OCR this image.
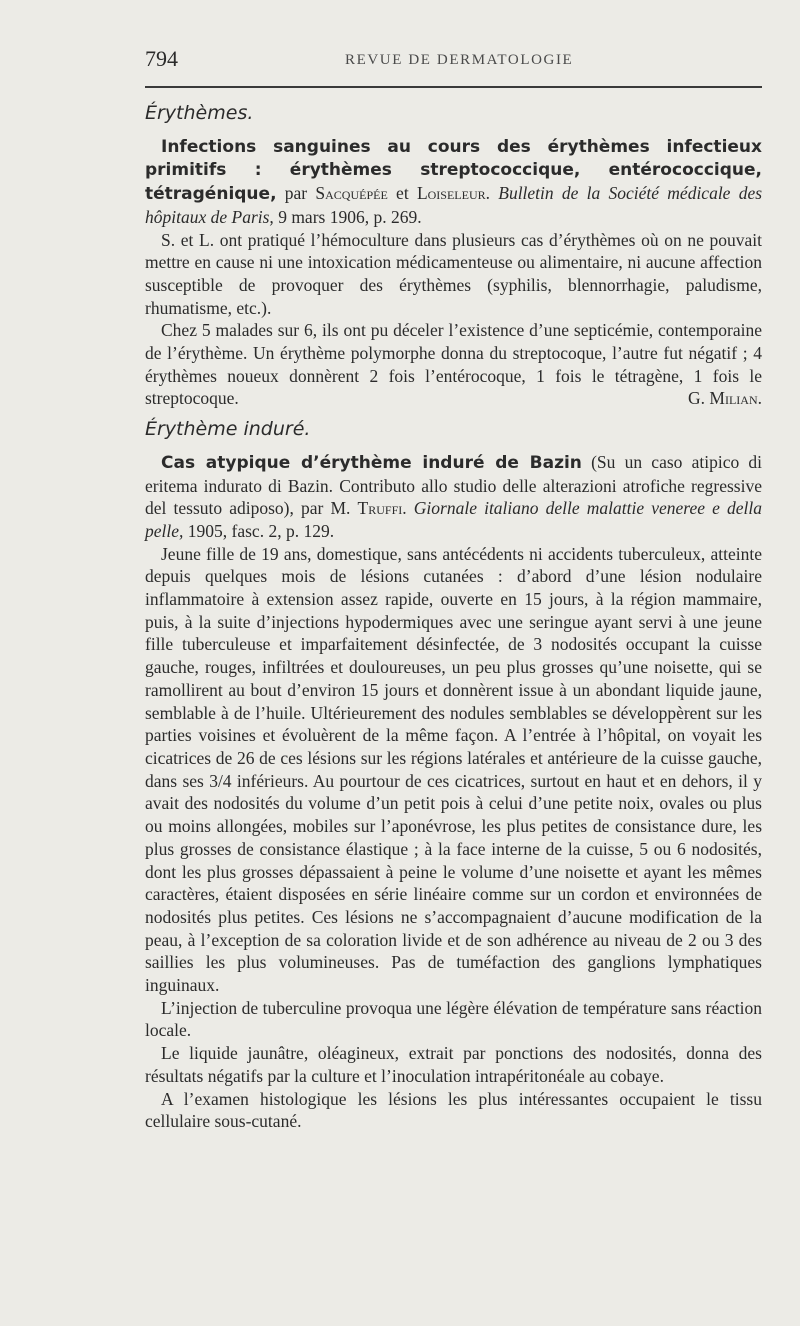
794	REVUE DE DERMATOLOGIE
Érythèmes.

Infections sanguines au cours des érythèmes infectieux primitifs : érythèmes streptococcique, entérococcique, tétragénique, par Sacquépée et Loiseleur. Bulletin de la Société médicale des hôpitaux de Paris, 9 mars 1906, p. 269.

S. et L. ont pratiqué l’hémoculture dans plusieurs cas d’érythèmes où on ne pouvait mettre en cause ni une intoxication médicamenteuse ou alimentaire, ni aucune affection susceptible de provoquer des érythèmes (syphilis, blennorrhagie, paludisme, rhumatisme, etc.).

Chez 5 malades sur 6, ils ont pu déceler l’existence d’une septicémie, contemporaine de l’érythème. Un érythème polymorphe donna du streptocoque, l’autre fut négatif ; 4 érythèmes noueux donnèrent 2 fois l’entérocoque, 1 fois le tétragène, 1 fois le streptocoque.	G. Milian.

Érythème induré.

Cas atypique d’érythème induré de Bazin (Su un caso atipico di eritema indurato di Bazin. Contributo allo studio delle alterazioni atrofiche regressive del tessuto adiposo), par M. Truffi. Giornale italiano delle malattie veneree e della pelle, 1905, fasc. 2, p. 129.

Jeune fille de 19 ans, domestique, sans antécédents ni accidents tuberculeux, atteinte depuis quelques mois de lésions cutanées : d’abord d’une lésion nodulaire inflammatoire à extension assez rapide, ouverte en 15 jours, à la région mammaire, puis, à la suite d’injections hypodermiques avec une seringue ayant servi à une jeune fille tuberculeuse et imparfaitement désinfectée, de 3 nodosités occupant la cuisse gauche, rouges, infiltrées et douloureuses, un peu plus grosses qu’une noisette, qui se ramollirent au bout d’environ 15 jours et donnèrent issue à un abondant liquide jaune, semblable à de l’huile. Ultérieurement des nodules semblables se développèrent sur les parties voisines et évoluèrent de la même façon. A l’entrée à l’hôpital, on voyait les cicatrices de 26 de ces lésions sur les régions latérales et antérieure de la cuisse gauche, dans ses 3/4 inférieurs. Au pourtour de ces cicatrices, surtout en haut et en dehors, il y avait des nodosités du volume d’un petit pois à celui d’une petite noix, ovales ou plus ou moins allongées, mobiles sur l’aponévrose, les plus petites de consistance dure, les plus grosses de consistance élastique ; à la face interne de la cuisse, 5 ou 6 nodosités, dont les plus grosses dépassaient à peine le volume d’une noisette et ayant les mêmes caractères, étaient disposées en série linéaire comme sur un cordon et environnées de nodosités plus petites. Ces lésions ne s’accompagnaient d’aucune modification de la peau, à l’exception de sa coloration livide et de son adhérence au niveau de 2 ou 3 des saillies les plus volumineuses. Pas de tuméfaction des ganglions lymphatiques inguinaux.

L’injection de tuberculine provoqua une légère élévation de température sans réaction locale.

Le liquide jaunâtre, oléagineux, extrait par ponctions des nodosités, donna des résultats négatifs par la culture et l’inoculation intrapéritonéale au cobaye.

A l’examen histologique les lésions les plus intéressantes occupaient le tissu cellulaire sous-cutané.
